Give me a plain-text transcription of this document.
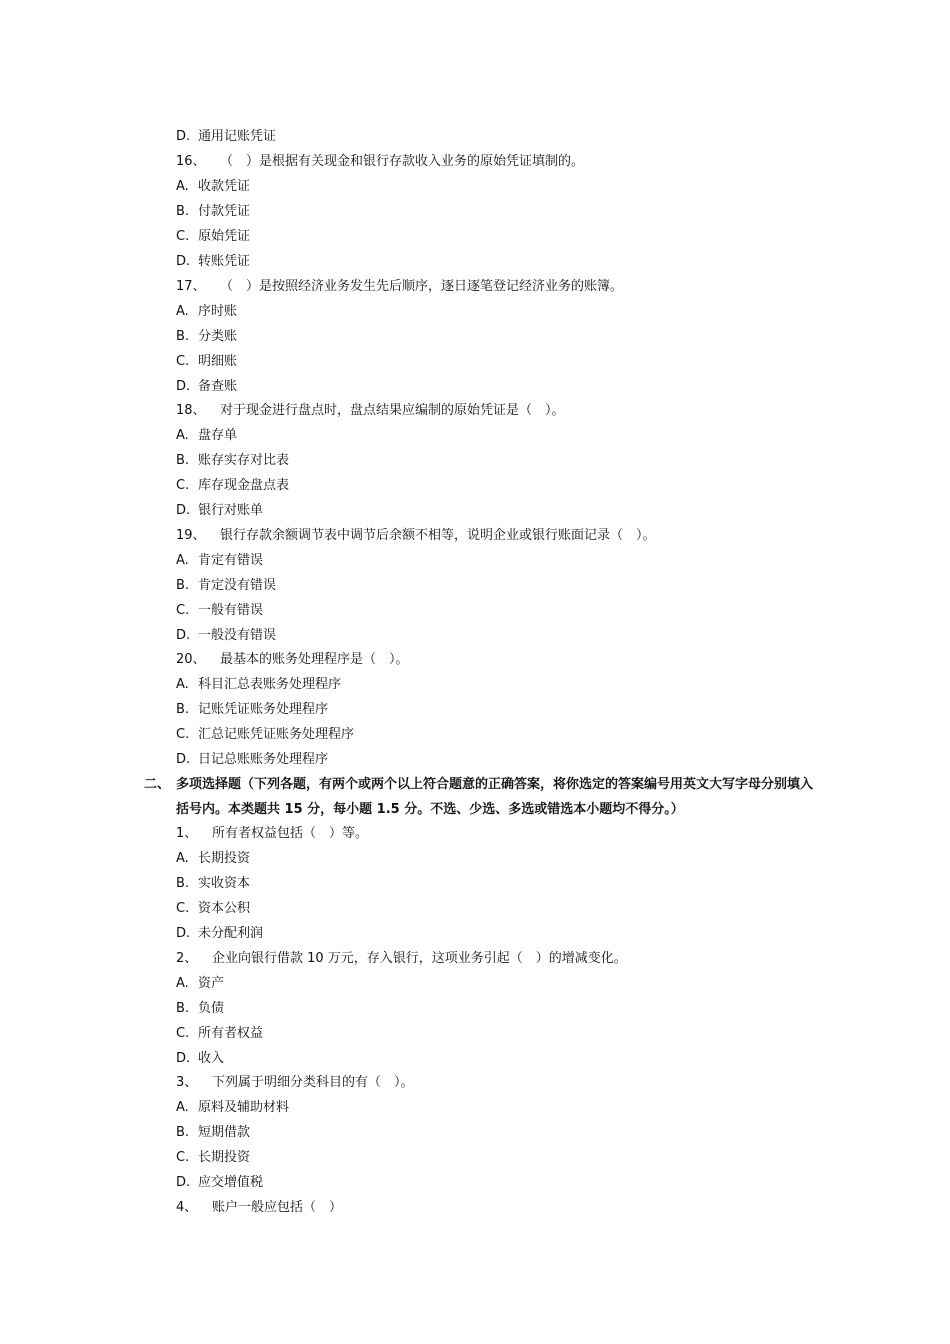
D. 通用记账凭证
16、 （　）是根据有关现金和银行存款收入业务的原始凭证填制的。
A. 收款凭证
B. 付款凭证
C. 原始凭证
D. 转账凭证
17、 （　）是按照经济业务发生先后顺序，逐日逐笔登记经济业务的账簿。
A. 序时账
B. 分类账
C. 明细账
D. 备查账
18、 对于现金进行盘点时，盘点结果应编制的原始凭证是（　）。
A. 盘存单
B. 账存实存对比表
C. 库存现金盘点表
D. 银行对账单
19、 银行存款余额调节表中调节后余额不相等，说明企业或银行账面记录（　）。
A. 肯定有错误
B. 肯定没有错误
C. 一般有错误
D. 一般没有错误
20、 最基本的账务处理程序是（　）。
A. 科目汇总表账务处理程序
B. 记账凭证账务处理程序
C. 汇总记账凭证账务处理程序
D. 日记总账账务处理程序
二、 多项选择题（下列各题，有两个或两个以上符合题意的正确答案，将你选定的答案编号用英文大写字母分别填入括号内。本类题共 15 分，每小题 1.5 分。不选、少选、多选或错选本小题均不得分。）
1、 所有者权益包括（　）等。
A. 长期投资
B. 实收资本
C. 资本公积
D. 未分配利润
2、 企业向银行借款 10 万元，存入银行，这项业务引起（　）的增减变化。
A. 资产
B. 负债
C. 所有者权益
D. 收入
3、 下列属于明细分类科目的有（　）。
A. 原料及辅助材料
B. 短期借款
C. 长期投资
D. 应交增值税
4、 账户一般应包括（　）
